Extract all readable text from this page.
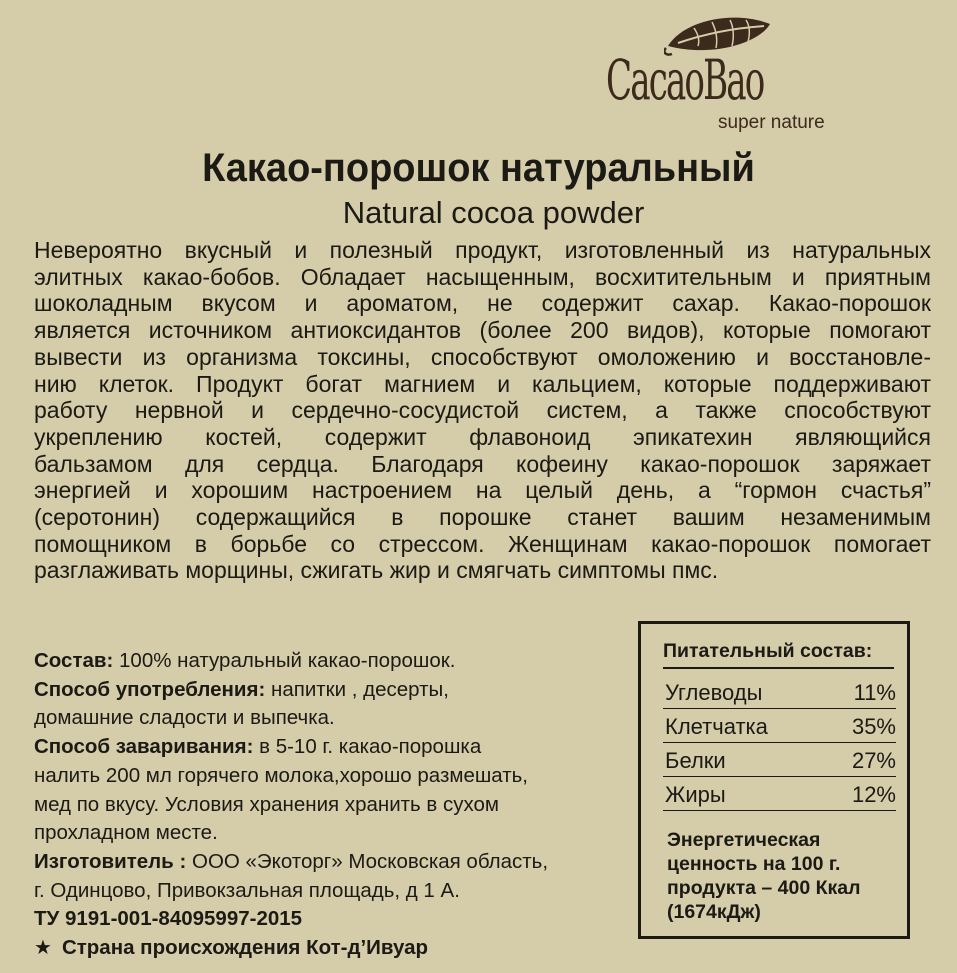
CacaoBao
super nature
Какао-порошок натуральный
Natural cocoa powder
Невероятно вкусный и полезный продукт, изготовленный из натуральных
элитных какао-бобов. Обладает насыщенным, восхитительным и приятным
шоколадным вкусом и ароматом, не содержит сахар. Какао-порошок
является источником антиоксидантов (более 200 видов), которые помогают
вывести из организма токсины, способствуют омоложению и восстановле-
нию клеток. Продукт богат магнием и кальцием, которые поддерживают
работу нервной и сердечно-сосудистой систем, а также способствуют
укреплению костей, содержит флавоноид эпикатехин являющийся
бальзамом для сердца. Благодаря кофеину какао-порошок заряжает
энергией и хорошим настроением на целый день, а “гормон счастья”
(серотонин) содержащийся в порошке станет вашим незаменимым
помощником в борьбе со стрессом. Женщинам какао-порошок помогает
разглаживать морщины, сжигать жир и смягчать симптомы пмс.
Состав: 100% натуральный какао-порошок.
Способ употребления: напитки , десерты,
домашние сладости и выпечка.
Способ заваривания: в 5-10 г. какао-порошка
налить 200 мл горячего молока,хорошо размешать,
мед по вкусу. Условия хранения хранить в сухом
прохладном месте.
Изготовитель : ООО «Экоторг» Московская область,
г. Одинцово, Привокзальная площадь, д 1 А.
ТУ 9191-001-84095997-2015
★ Страна происхождения Кот-д’Ивуар
Питательный состав:
Углеводы	11%
Клетчатка	35%
Белки	27%
Жиры	12%
Энергетическая
ценность на 100 г.
продукта – 400 Ккал
(1674кДж)
